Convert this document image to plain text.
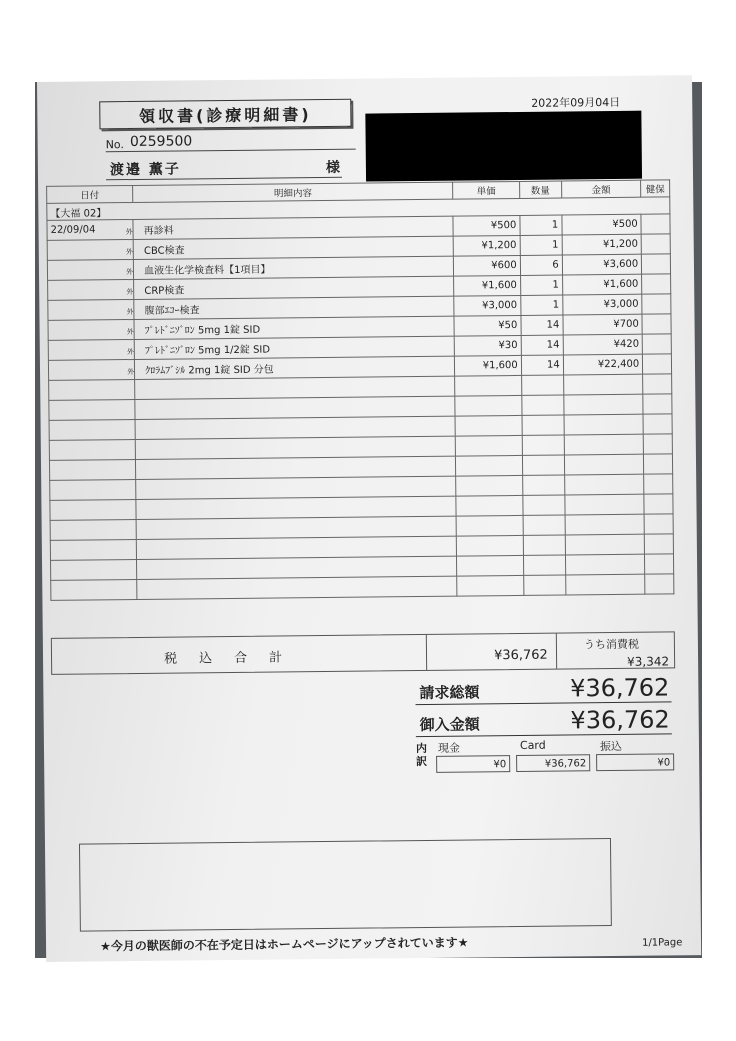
領収書(診療明細書)
2022年09月04日
No. 0259500
渡邉 薫子	様
日付	明細内容	単価	数量	金額	健保
【大福 02】					
22/09/04	外 再診料	¥500	1	¥500	
	外 CBC検査	¥1,200	1	¥1,200	
	外 血液生化学検査料【1項目】	¥600	6	¥3,600	
	外 CRP検査	¥1,600	1	¥1,600	
	外 腹部ｴｺｰ検査	¥3,000	1	¥3,000	
	外 ﾌﾟﾚﾄﾞﾆｿﾞﾛﾝ 5mg 1錠 SID	¥50	14	¥700	
	外 ﾌﾟﾚﾄﾞﾆｿﾞﾛﾝ 5mg 1/2錠 SID	¥30	14	¥420	
	外 ｸﾛﾗﾑﾌﾞｼﾙ 2mg 1錠 SID 分包	¥1,600	14	¥22,400	

税込合計	¥36,762
うち消費税
¥3,342
請求総額	¥36,762
御入金額	¥36,762
内訳
現金
¥0
Card
¥36,762
振込
¥0
★今月の獣医師の不在予定日はホームページにアップされています★	1/1Page
